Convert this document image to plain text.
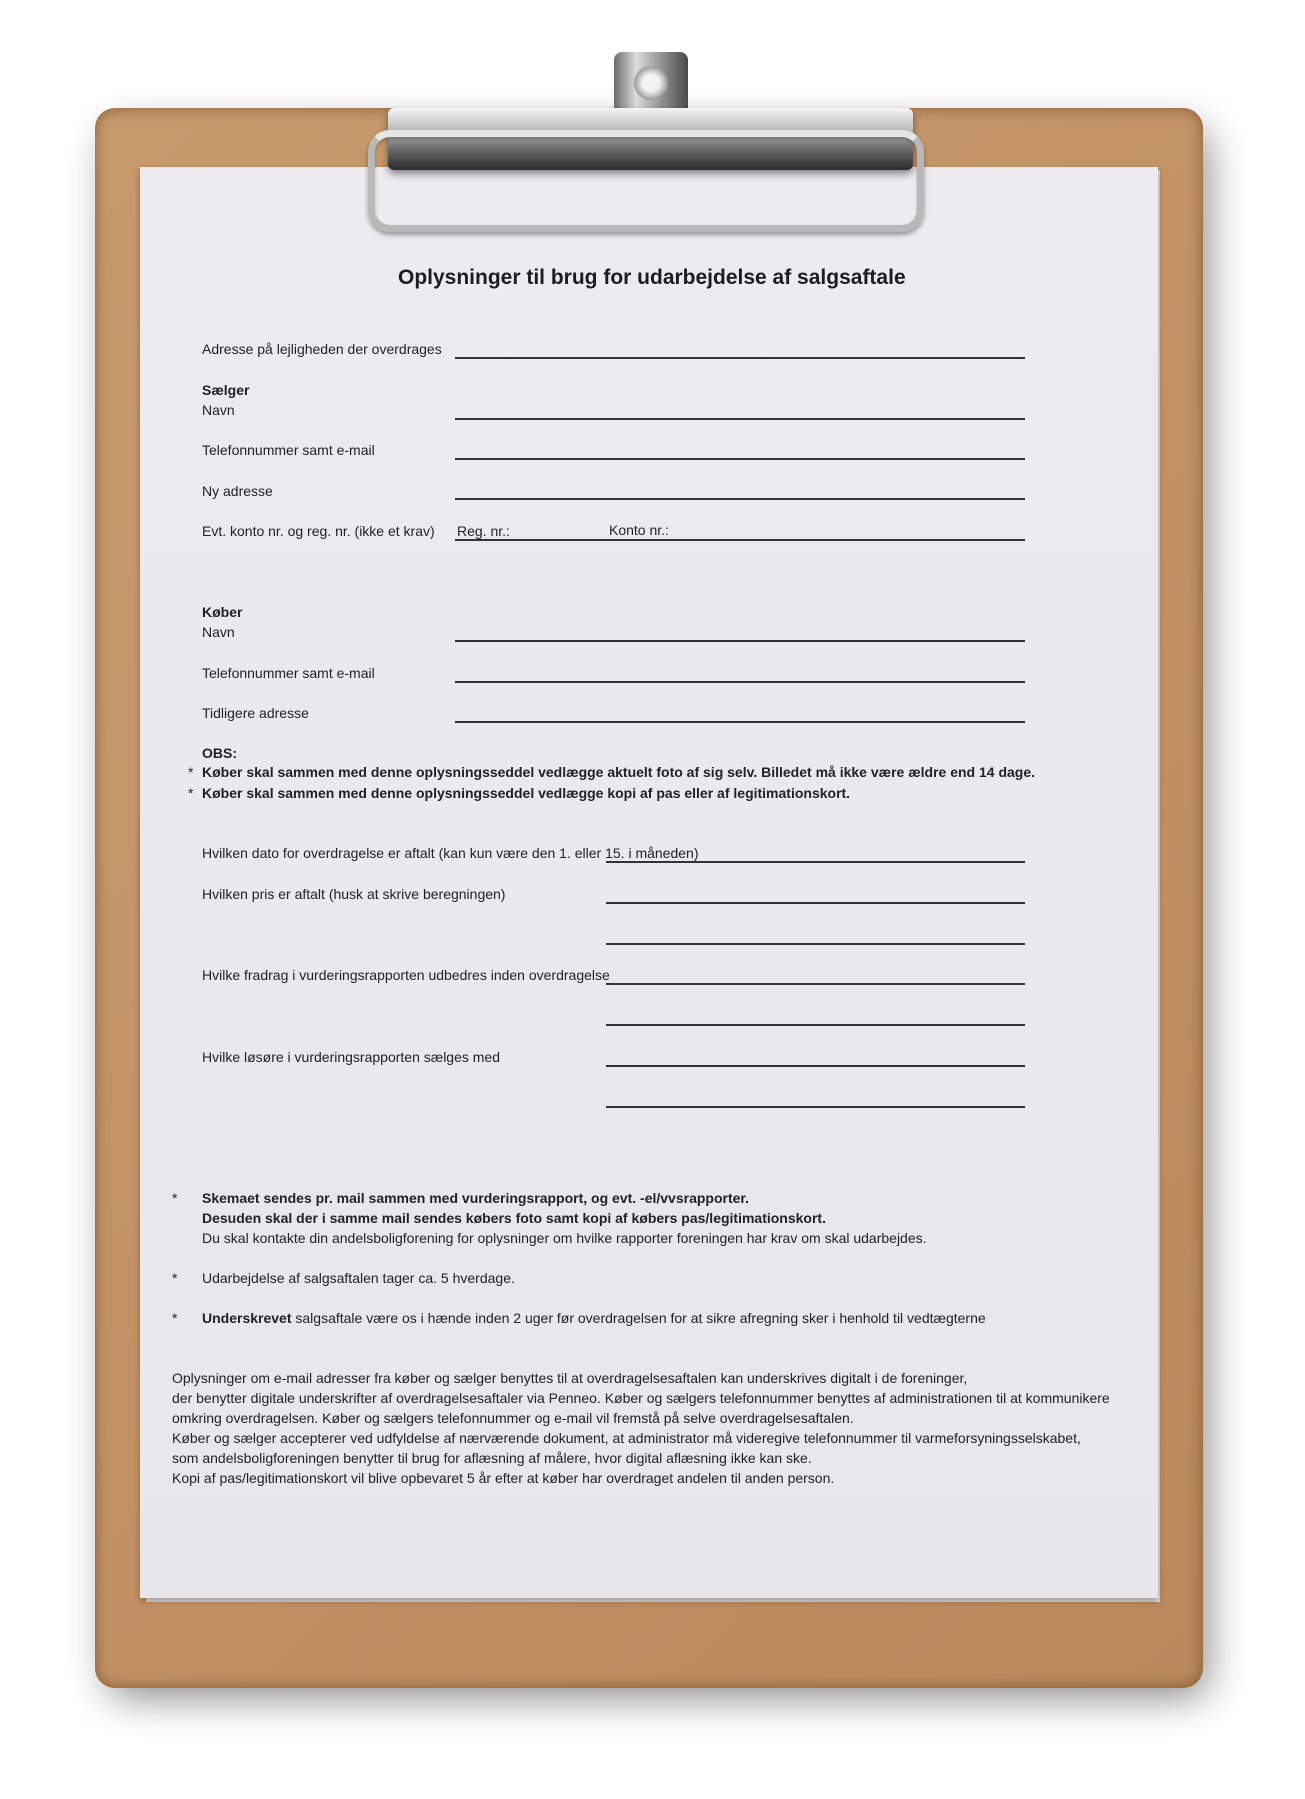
Oplysninger til brug for udarbejdelse af salgsaftale
Adresse på lejligheden der overdrages
Sælger
Navn
Telefonnummer samt e-mail
Ny adresse
Evt. konto nr. og reg. nr. (ikke et krav) Reg. nr.:	Konto nr.:
Køber
Navn
Telefonnummer samt e-mail
Tidligere adresse
OBS:
* Køber skal sammen med denne oplysningsseddel vedlægge aktuelt foto af sig selv. Billedet må ikke være ældre end 14 dage.
* Køber skal sammen med denne oplysningsseddel vedlægge kopi af pas eller af legitimationskort.
Hvilken dato for overdragelse er aftalt (kan kun være den 1. eller 15. i måneden)
Hvilken pris er aftalt (husk at skrive beregningen)
Hvilke fradrag i vurderingsrapporten udbedres inden overdragelse
Hvilke løsøre i vurderingsrapporten sælges med
* Skemaet sendes pr. mail sammen med vurderingsrapport, og evt. -el/vvsrapporter.
Desuden skal der i samme mail sendes købers foto samt kopi af købers pas/legitimationskort.
Du skal kontakte din andelsboligforening for oplysninger om hvilke rapporter foreningen har krav om skal udarbejdes.
* Udarbejdelse af salgsaftalen tager ca. 5 hverdage.
* Underskrevet salgsaftale være os i hænde inden 2 uger før overdragelsen for at sikre afregning sker i henhold til vedtægterne
Oplysninger om e-mail adresser fra køber og sælger benyttes til at overdragelsesaftalen kan underskrives digitalt i de foreninger,
der benytter digitale underskrifter af overdragelsesaftaler via Penneo. Køber og sælgers telefonnummer benyttes af administrationen til at kommunikere
omkring overdragelsen. Køber og sælgers telefonnummer og e-mail vil fremstå på selve overdragelsesaftalen.
Køber og sælger accepterer ved udfyldelse af nærværende dokument, at administrator må videregive telefonnummer til varmeforsyningsselskabet,
som andelsboligforeningen benytter til brug for aflæsning af målere, hvor digital aflæsning ikke kan ske.
Kopi af pas/legitimationskort vil blive opbevaret 5 år efter at køber har overdraget andelen til anden person.
